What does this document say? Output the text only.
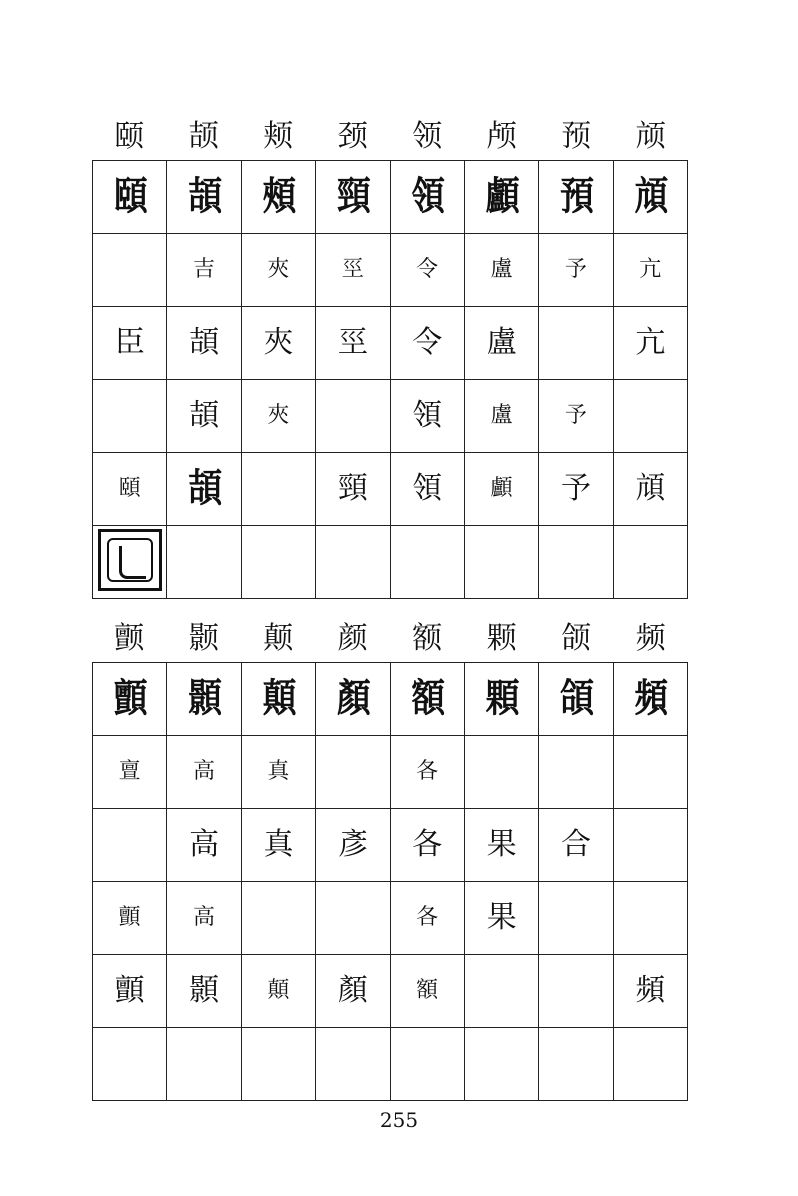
颐	颉	颊	颈	领	颅	预	颃
頤	頡	頰	頸	領	顱	預	頏
	吉	夾	巠	令	盧	予	亢
臣	頡	夾	巠	令	盧		亢
	頡	夾		領	盧	予	
頤	頡		頸	領	顱	予	頏

颤	颢	颠	颜	额	颗	颌	频
顫	顥	顛	顏	額	顆	頜	頻
亶	高	真		各			
	高	真	彥	各	果	合	
顫	高			各	果		
顫	顥	顛	顏	額			頻

255
